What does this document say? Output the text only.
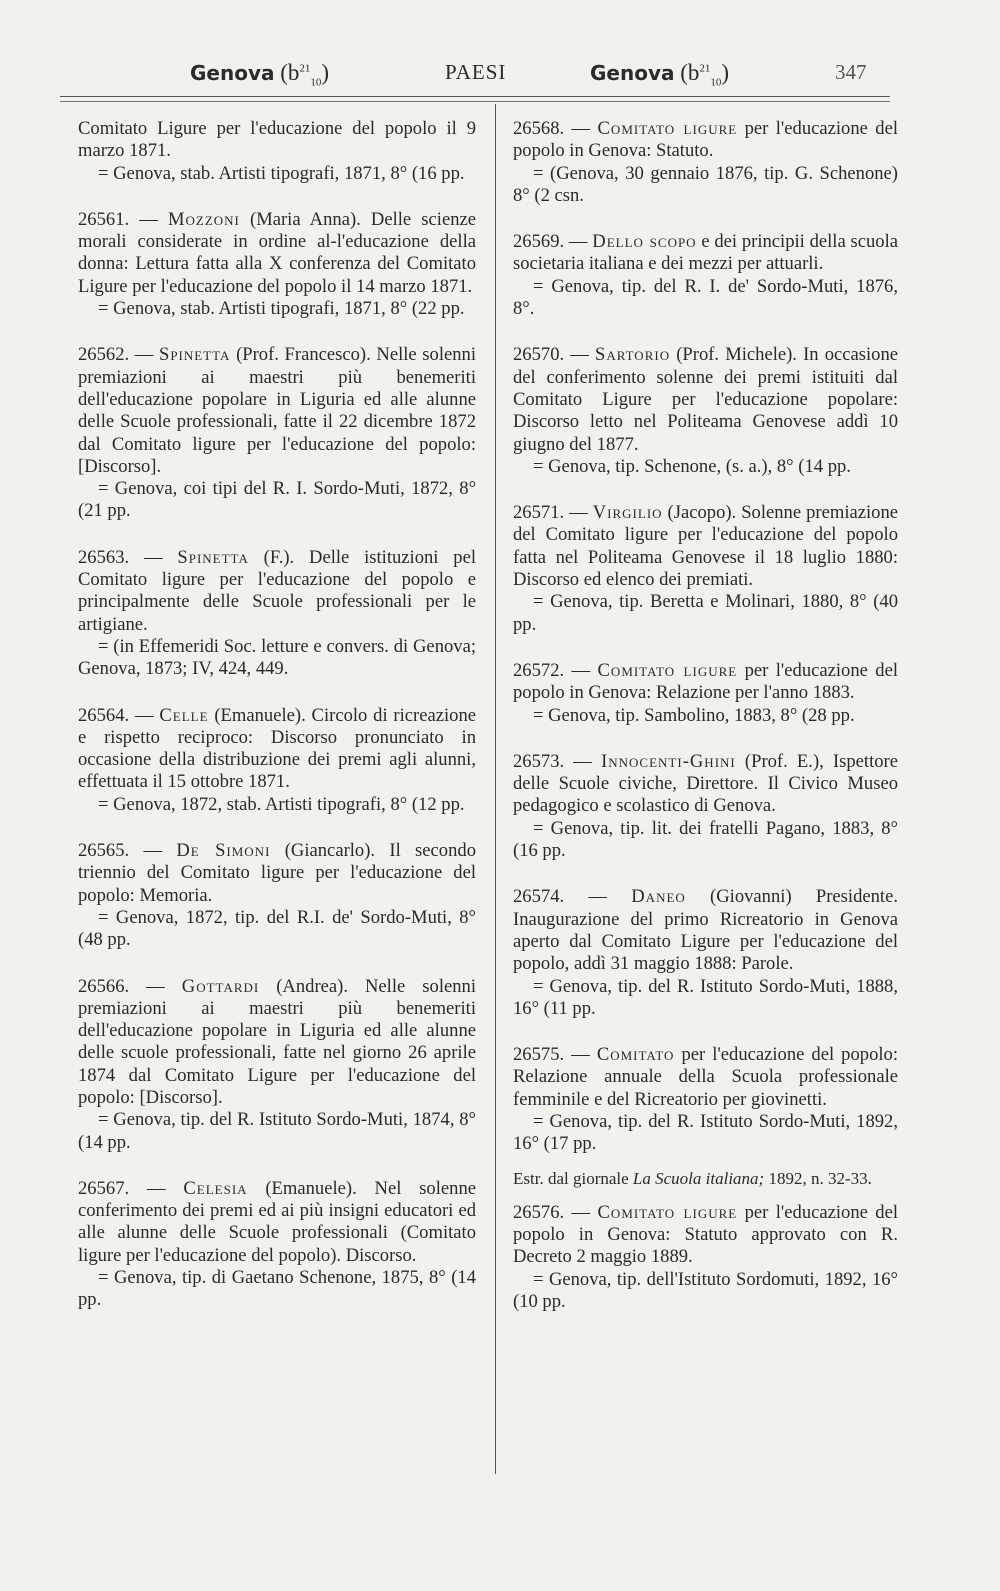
Genova $(b^{21}_{10})$	PAESI	Genova $(b^{21}_{10})$	347

Comitato Ligure per l'educazione del popolo il 9 marzo 1871.

= Genova, stab. Artisti tipografi, 1871, 8° (16 pp.

26561. — Mozzoni (Maria Anna). Delle scienze morali considerate in ordine al-l'educazione della donna: Lettura fatta alla X conferenza del Comitato Ligure per l'educazione del popolo il 14 marzo 1871.

= Genova, stab. Artisti tipografi, 1871, 8° (22 pp.

26562. — Spinetta (Prof. Francesco). Nelle solenni premiazioni ai maestri più benemeriti dell'educazione popolare in Liguria ed alle alunne delle Scuole professionali, fatte il 22 dicembre 1872 dal Comitato ligure per l'educazione del popolo: [Discorso].

= Genova, coi tipi del R. I. Sordo-Muti, 1872, 8° (21 pp.

26563. — Spinetta (F.). Delle istituzioni pel Comitato ligure per l'educazione del popolo e principalmente delle Scuole professionali per le artigiane.

= (in Effemeridi Soc. letture e convers. di Genova; Genova, 1873; IV, 424, 449.

26564. — Celle (Emanuele). Circolo di ricreazione e rispetto reciproco: Discorso pronunciato in occasione della distribuzione dei premi agli alunni, effettuata il 15 ottobre 1871.

= Genova, 1872, stab. Artisti tipografi, 8° (12 pp.

26565. — De Simoni (Giancarlo). Il secondo triennio del Comitato ligure per l'educazione del popolo: Memoria.

= Genova, 1872, tip. del R.I. de' Sordo-Muti, 8° (48 pp.

26566. — Gottardi (Andrea). Nelle solenni premiazioni ai maestri più benemeriti dell'educazione popolare in Liguria ed alle alunne delle scuole professionali, fatte nel giorno 26 aprile 1874 dal Comitato Ligure per l'educazione del popolo: [Discorso].

= Genova, tip. del R. Istituto Sordo-Muti, 1874, 8° (14 pp.

26567. — Celesia (Emanuele). Nel solenne conferimento dei premi ed ai più insigni educatori ed alle alunne delle Scuole professionali (Comitato ligure per l'educazione del popolo). Discorso.

= Genova, tip. di Gaetano Schenone, 1875, 8° (14 pp.

26568. — Comitato ligure per l'educazione del popolo in Genova: Statuto.

= (Genova, 30 gennaio 1876, tip. G. Schenone) 8° (2 csn.

26569. — Dello scopo e dei principii della scuola societaria italiana e dei mezzi per attuarli.

= Genova, tip. del R. I. de' Sordo-Muti, 1876, 8°.

26570. — Sartorio (Prof. Michele). In occasione del conferimento solenne dei premi istituiti dal Comitato Ligure per l'educazione popolare: Discorso letto nel Politeama Genovese addì 10 giugno del 1877.

= Genova, tip. Schenone, (s. a.), 8° (14 pp.

26571. — Virgilio (Jacopo). Solenne premiazione del Comitato ligure per l'educazione del popolo fatta nel Politeama Genovese il 18 luglio 1880: Discorso ed elenco dei premiati.

= Genova, tip. Beretta e Molinari, 1880, 8° (40 pp.

26572. — Comitato ligure per l'educazione del popolo in Genova: Relazione per l'anno 1883.

= Genova, tip. Sambolino, 1883, 8° (28 pp.

26573. — Innocenti-Ghini (Prof. E.), Ispettore delle Scuole civiche, Direttore. Il Civico Museo pedagogico e scolastico di Genova.

= Genova, tip. lit. dei fratelli Pagano, 1883, 8° (16 pp.

26574. — Daneo (Giovanni) Presidente. Inaugurazione del primo Ricreatorio in Genova aperto dal Comitato Ligure per l'educazione del popolo, addì 31 maggio 1888: Parole.

= Genova, tip. del R. Istituto Sordo-Muti, 1888, 16° (11 pp.

26575. — Comitato per l'educazione del popolo: Relazione annuale della Scuola professionale femminile e del Ricreatorio per giovinetti.

= Genova, tip. del R. Istituto Sordo-Muti, 1892, 16° (17 pp.

Estr. dal giornale La Scuola italiana; 1892, n. 32-33.

26576. — Comitato ligure per l'educazione del popolo in Genova: Statuto approvato con R. Decreto 2 maggio 1889.

= Genova, tip. dell'Istituto Sordomuti, 1892, 16° (10 pp.
